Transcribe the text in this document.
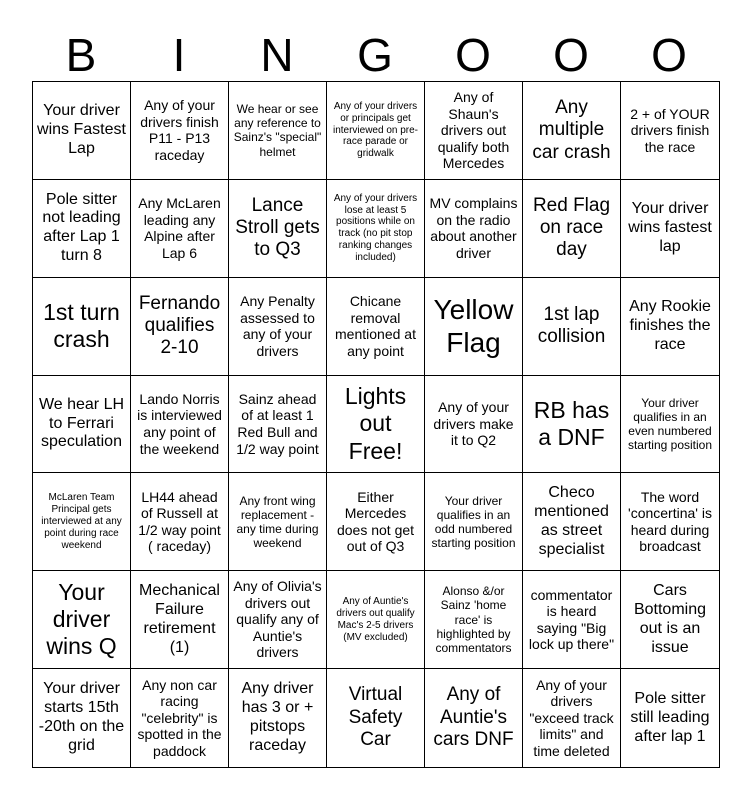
B	I	N	G	O	O	O
Your driver wins Fastest Lap
Any of your drivers finish P11 - P13 raceday
We hear or see any reference to Sainz's "special" helmet
Any of your drivers or principals get interviewed on pre-race parade or gridwalk
Any of Shaun's drivers out qualify both Mercedes
Any multiple car crash
2 + of YOUR drivers finish the race
Pole sitter not leading after Lap 1 turn 8
Any McLaren leading any Alpine after Lap 6
Lance Stroll gets to Q3
Any of your drivers lose at least 5 positions while on track (no pit stop ranking changes included)
MV complains on the radio about another driver
Red Flag on race day
Your driver wins fastest lap
1st turn crash
Fernando qualifies 2-10
Any Penalty assessed to any of your drivers
Chicane removal mentioned at any point
Yellow Flag
1st lap collision
Any Rookie finishes the race
We hear LH to Ferrari speculation
Lando Norris is interviewed any point of the weekend
Sainz ahead of at least 1 Red Bull and 1/2 way point
Lights out Free!
Any of your drivers make it to Q2
RB has a DNF
Your driver qualifies in an even numbered starting position
McLaren Team Principal gets interviewed at any point during race weekend
LH44 ahead of Russell at 1/2 way point ( raceday)
Any front wing replacement - any time during weekend
Either Mercedes does not get out of Q3
Your driver qualifies in an odd numbered starting position
Checo mentioned as street specialist
The word 'concertina' is heard during broadcast
Your driver wins Q
Mechanical Failure retirement (1)
Any of Olivia's drivers out qualify any of Auntie's drivers
Any of Auntie's drivers out qualify Mac's 2-5 drivers
(MV excluded)
Alonso &/or Sainz 'home race' is highlighted by commentators
commentator is heard saying "Big lock up there"
Cars Bottoming out is an issue
Your driver starts 15th -20th on the grid
Any non car racing "celebrity" is spotted in the paddock
Any driver has 3 or + pitstops raceday
Virtual Safety Car
Any of Auntie's cars DNF
Any of your drivers "exceed track limits" and time deleted
Pole sitter still leading after lap 1
